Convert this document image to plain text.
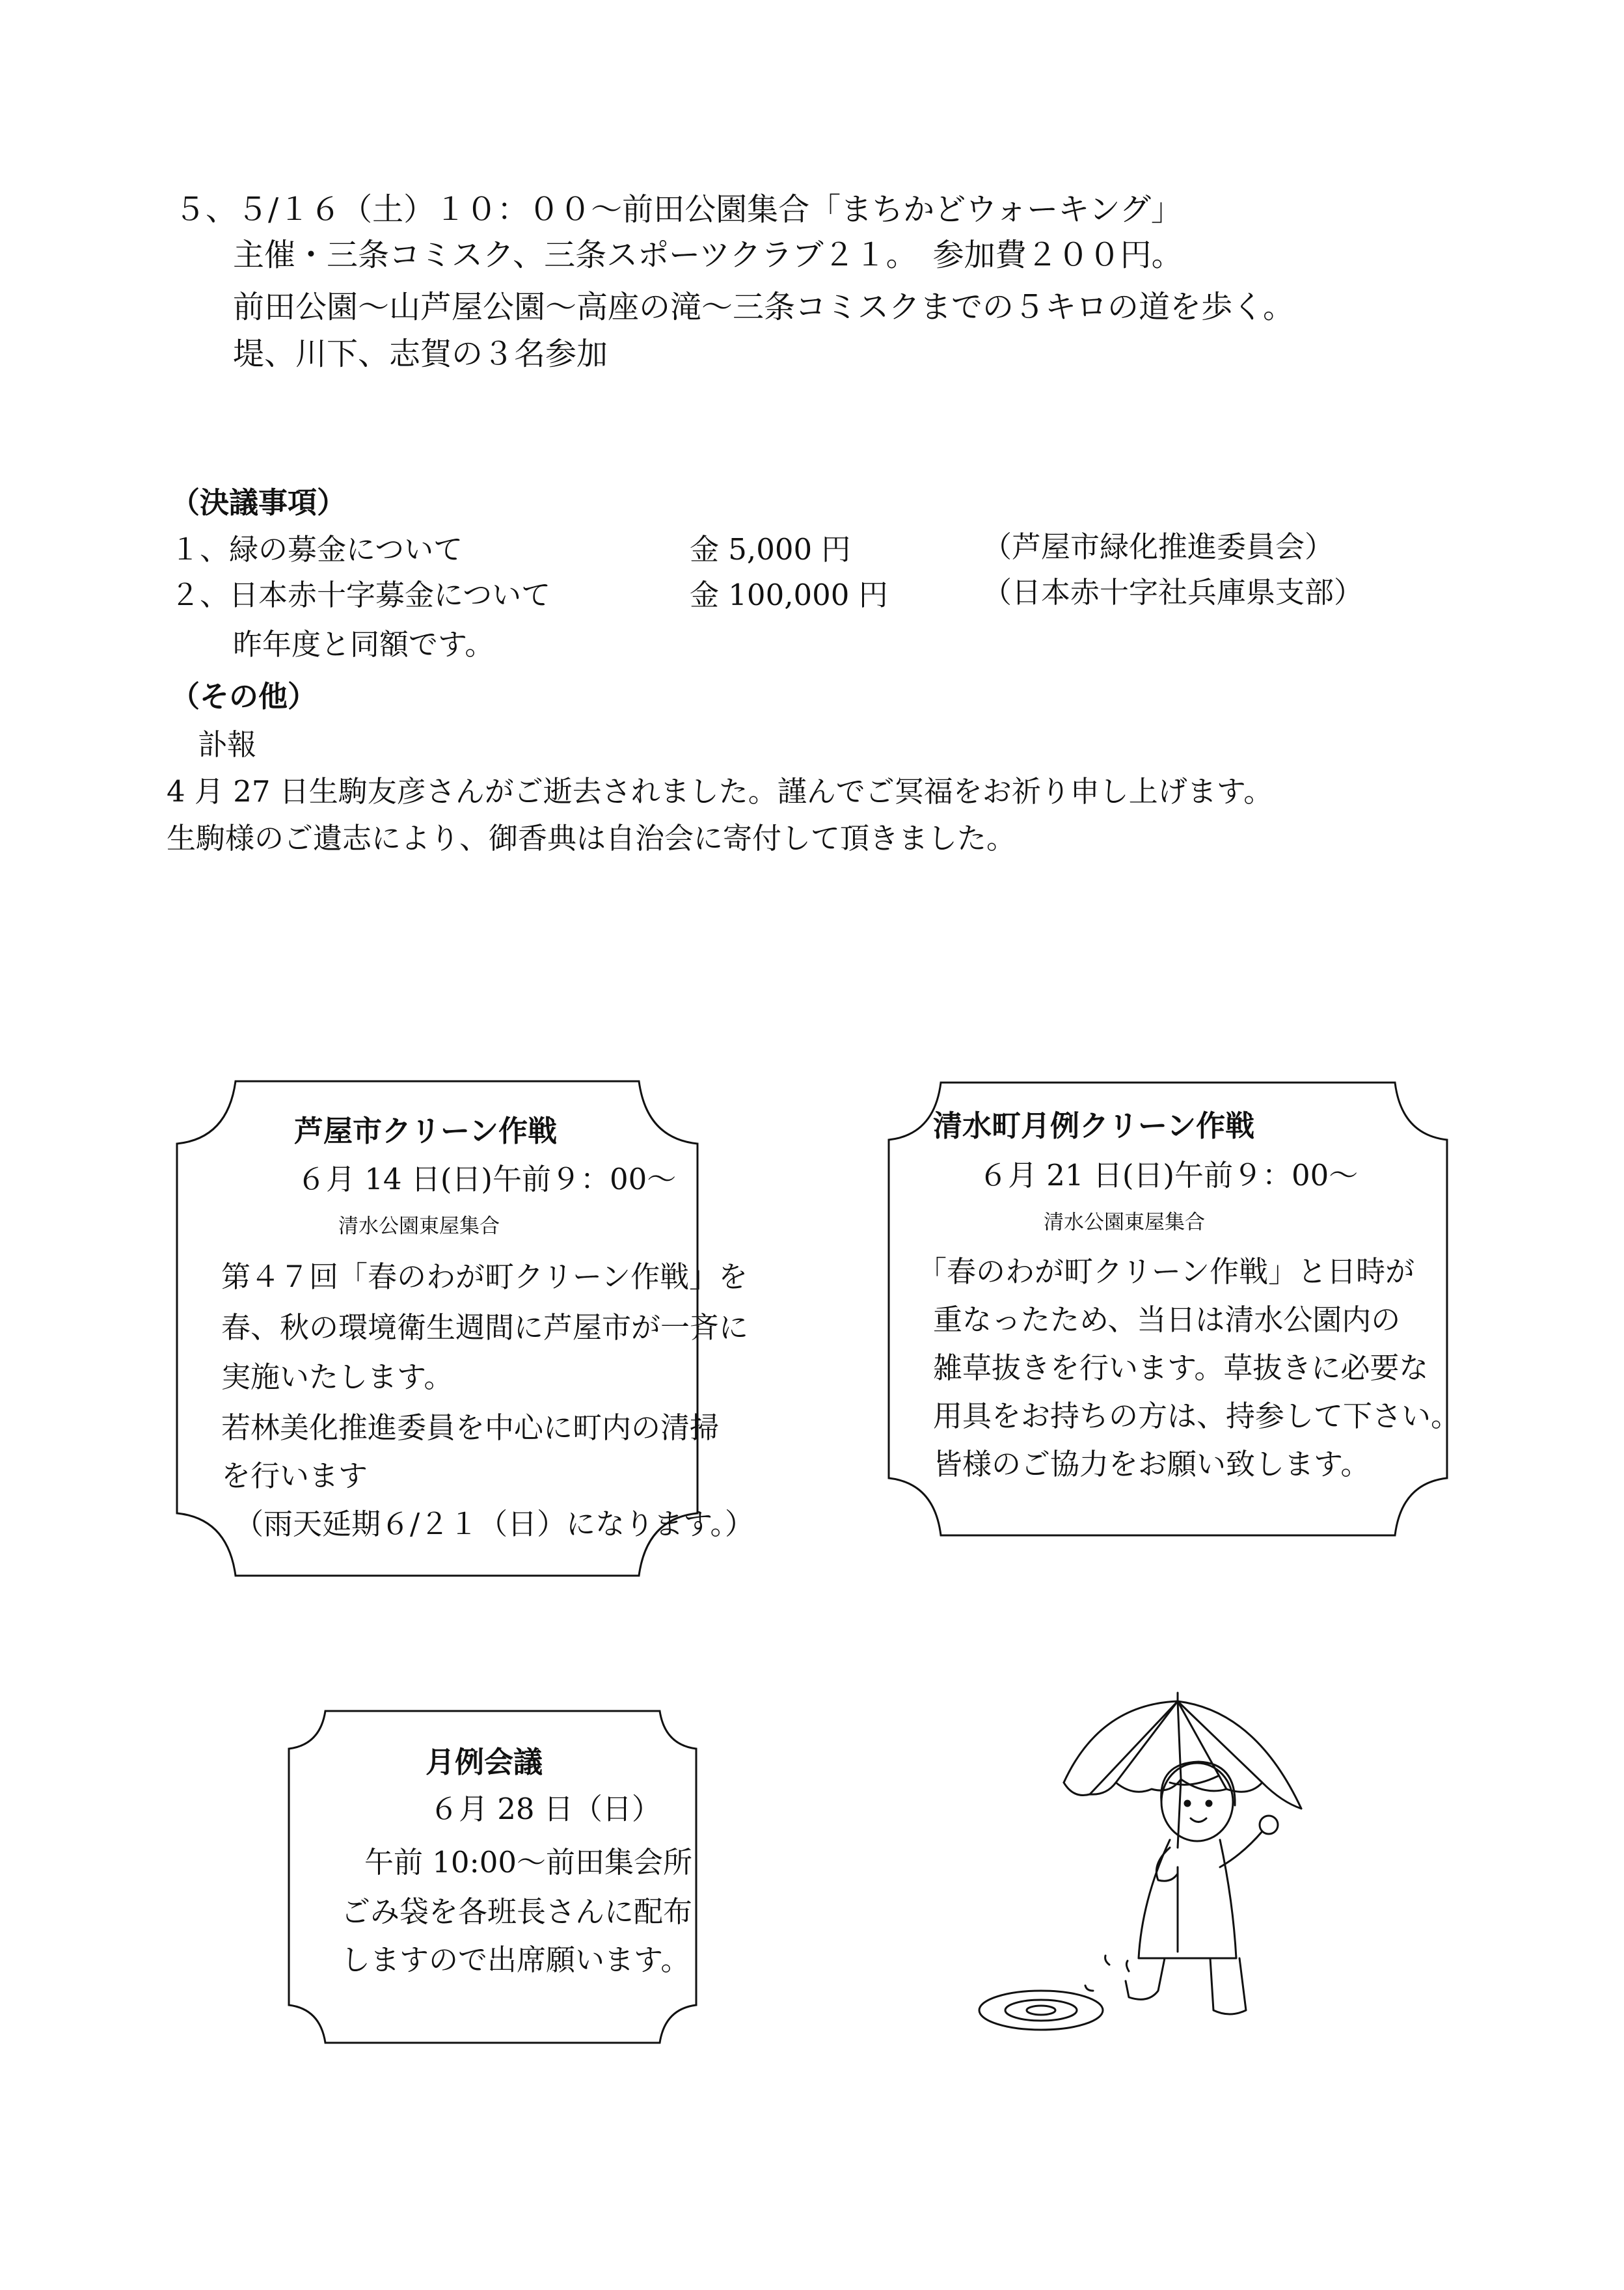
５、５/１６（土）１０：００～前田公園集合「まちかどウォーキング」
主催・三条コミスク、三条スポーツクラブ２１。　参加費２００円。
前田公園～山芦屋公園～高座の滝～三条コミスクまでの５キロの道を歩く。
堤、川下、志賀の３名参加
（決議事項）
１、緑の募金について	金 5,000 円	（芦屋市緑化推進委員会）
２、日本赤十字募金について	金 100,000 円	（日本赤十字社兵庫県支部）
昨年度と同額です。
（その他）
訃報
4 月 27 日生駒友彦さんがご逝去されました。謹んでご冥福をお祈り申し上げます。
生駒様のご遺志により、御香典は自治会に寄付して頂きました。
芦屋市クリーン作戦
６月 14 日(日)午前９：00～
清水公園東屋集合
第４７回「春のわが町クリーン作戦」を
春、秋の環境衛生週間に芦屋市が一斉に
実施いたします。
若林美化推進委員を中心に町内の清掃
を行います
（雨天延期６/２１（日）になります。）
清水町月例クリーン作戦
６月 21 日(日)午前９：00～
清水公園東屋集合
「春のわが町クリーン作戦」と日時が
重なったため、当日は清水公園内の
雑草抜きを行います。草抜きに必要な
用具をお持ちの方は、持参して下さい。
皆様のご協力をお願い致します。
月例会議
６月 28 日（日）
午前 10:00～前田集会所
ごみ袋を各班長さんに配布
しますので出席願います。
